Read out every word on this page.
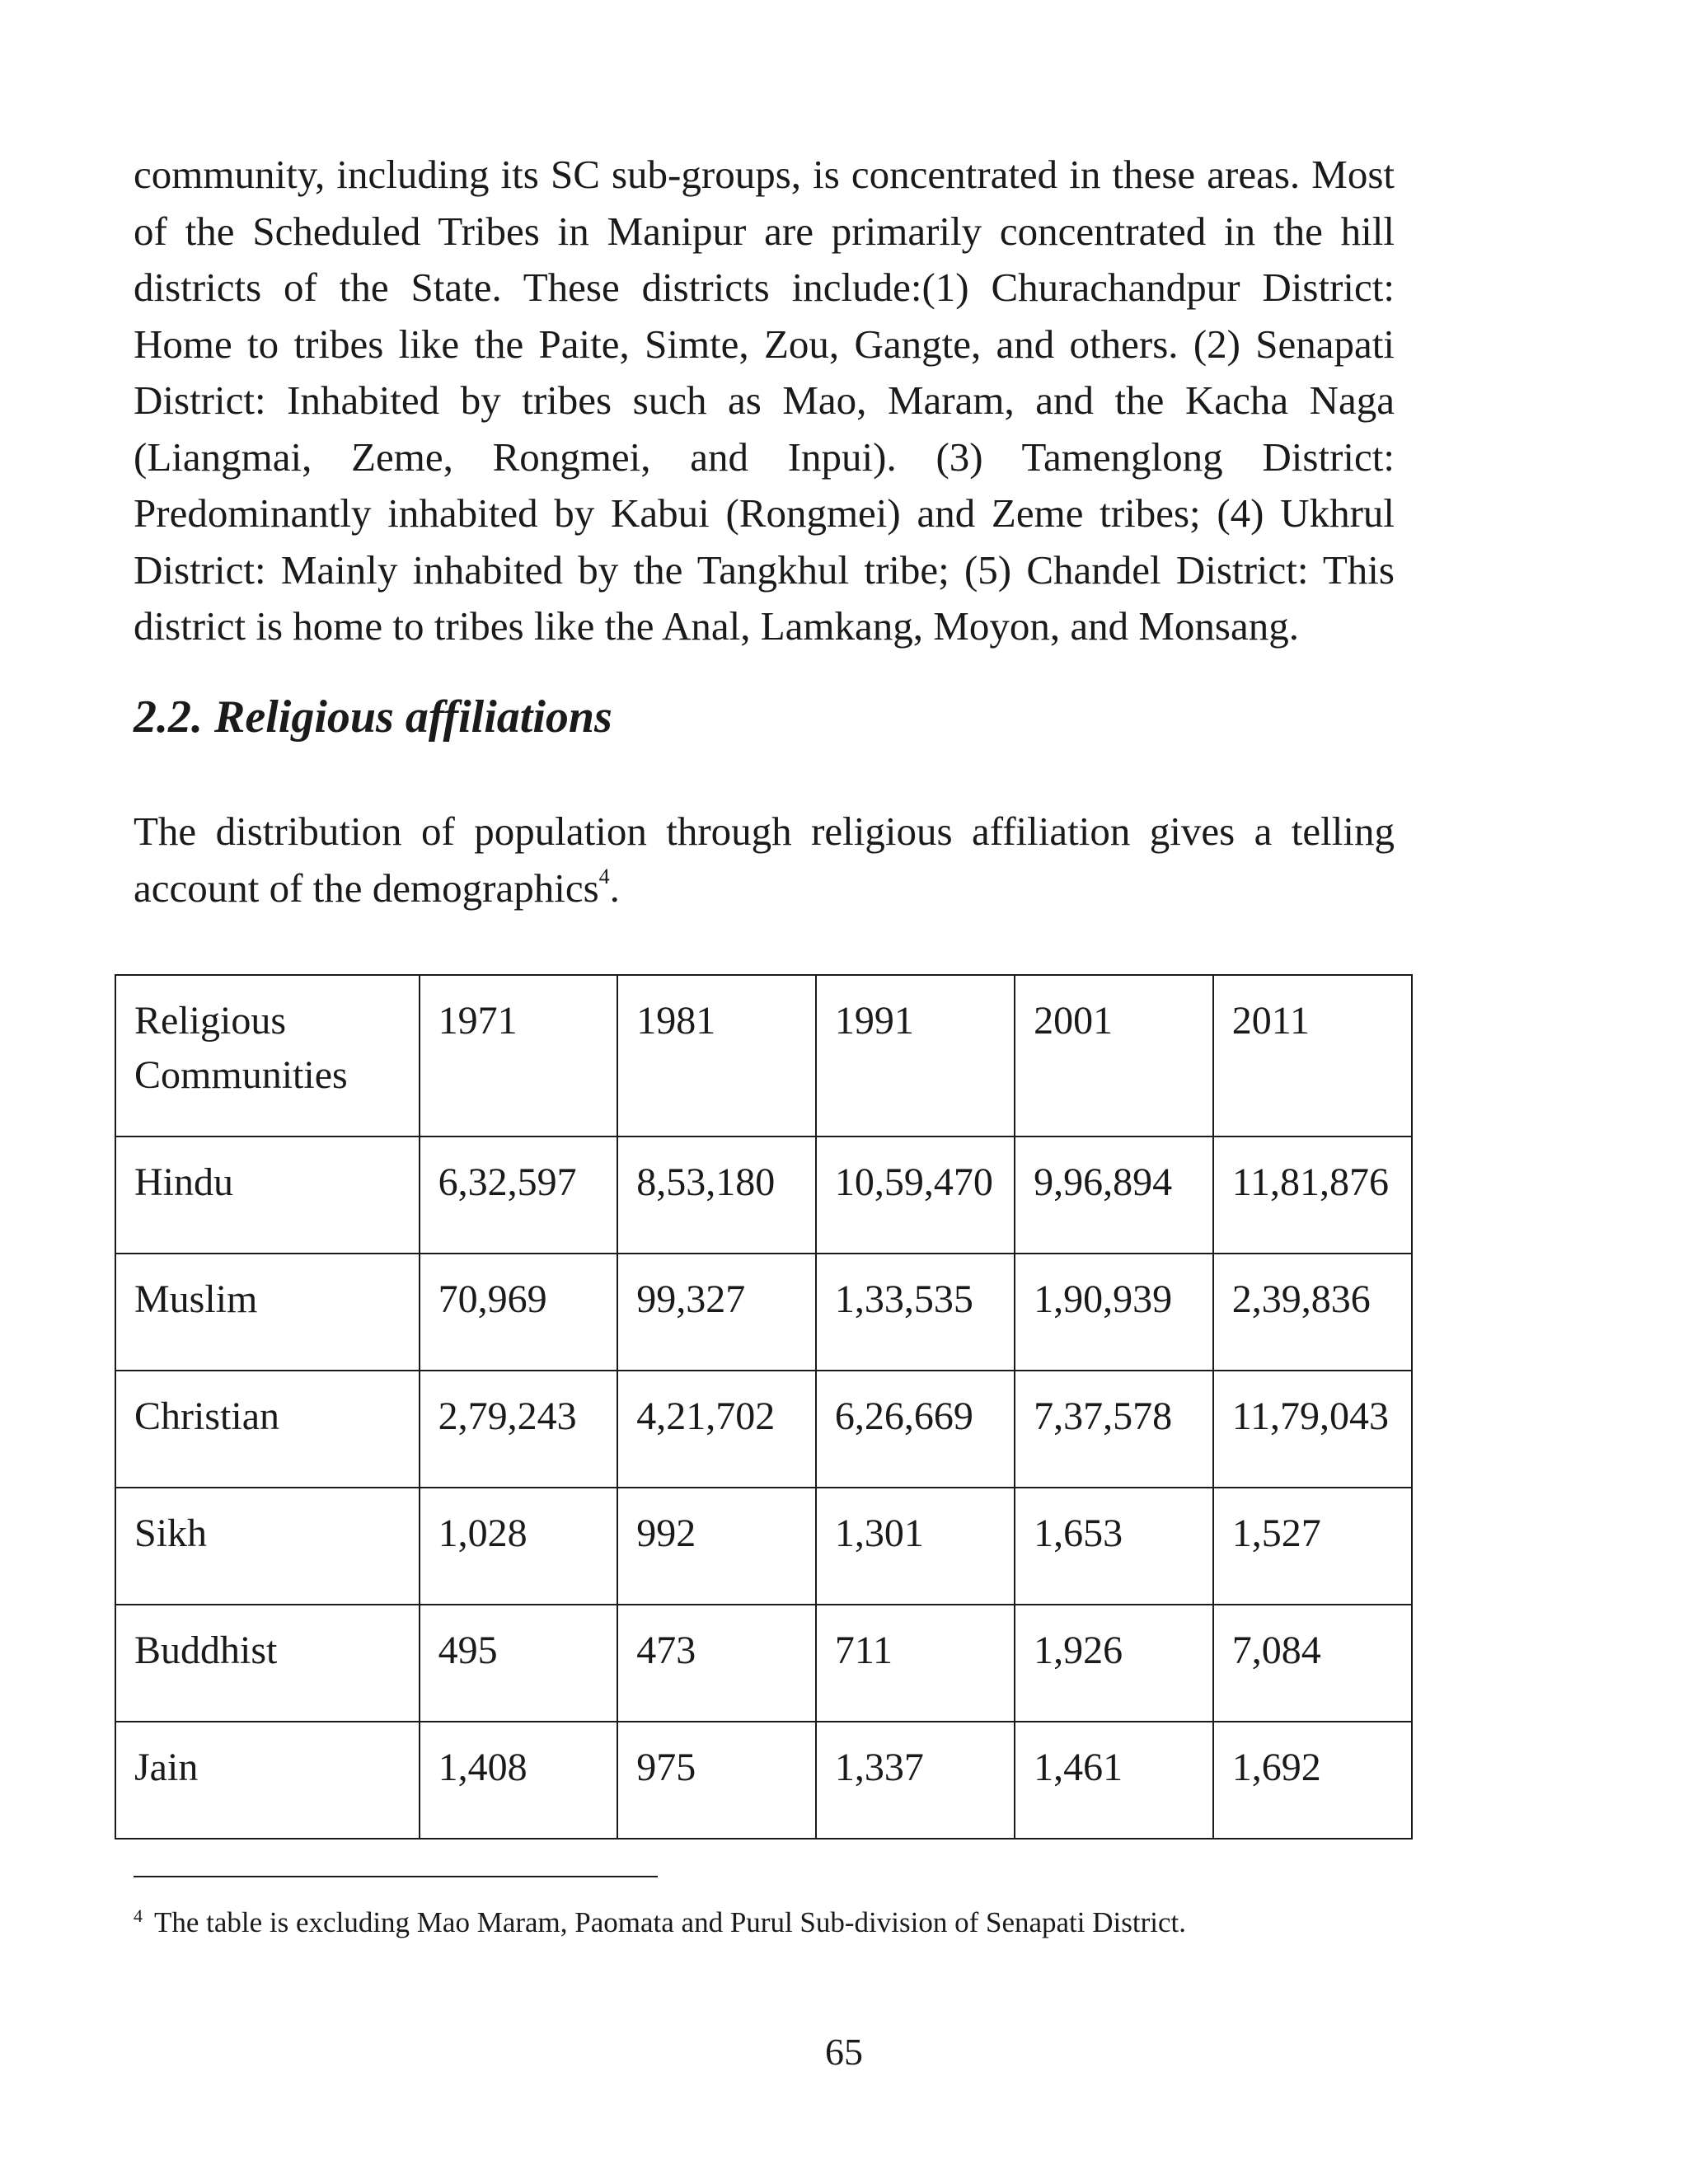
community, including its SC sub-groups, is concentrated in these areas. Most of the Scheduled Tribes in Manipur are primarily concentrated in the hill districts of the State. These districts include:(1) Churachandpur District: Home to tribes like the Paite, Simte, Zou, Gangte, and others. (2) Senapati District: Inhabited by tribes such as Mao, Maram, and the Kacha Naga (Liangmai, Zeme, Rongmei, and Inpui). (3) Tamenglong District: Predominantly inhabited by Kabui (Rongmei) and Zeme tribes; (4) Ukhrul District: Mainly inhabited by the Tangkhul tribe; (5) Chandel District: This district is home to tribes like the Anal, Lamkang, Moyon, and Monsang.

2.2. Religious affiliations

The distribution of population through religious affiliation gives a telling account of the demographics$^4$.

Religious
Communities	1971	1981	1991	2001	2011
Hindu	6,32,597	8,53,180	10,59,470	9,96,894	11,81,876
Muslim	70,969	99,327	1,33,535	1,90,939	2,39,836
Christian	2,79,243	4,21,702	6,26,669	7,37,578	11,79,043
Sikh	1,028	992	1,301	1,653	1,527
Buddhist	495	473	711	1,926	7,084
Jain	1,408	975	1,337	1,461	1,692

$^4$ The table is excluding Mao Maram, Paomata and Purul Sub-division of Senapati District.

65
